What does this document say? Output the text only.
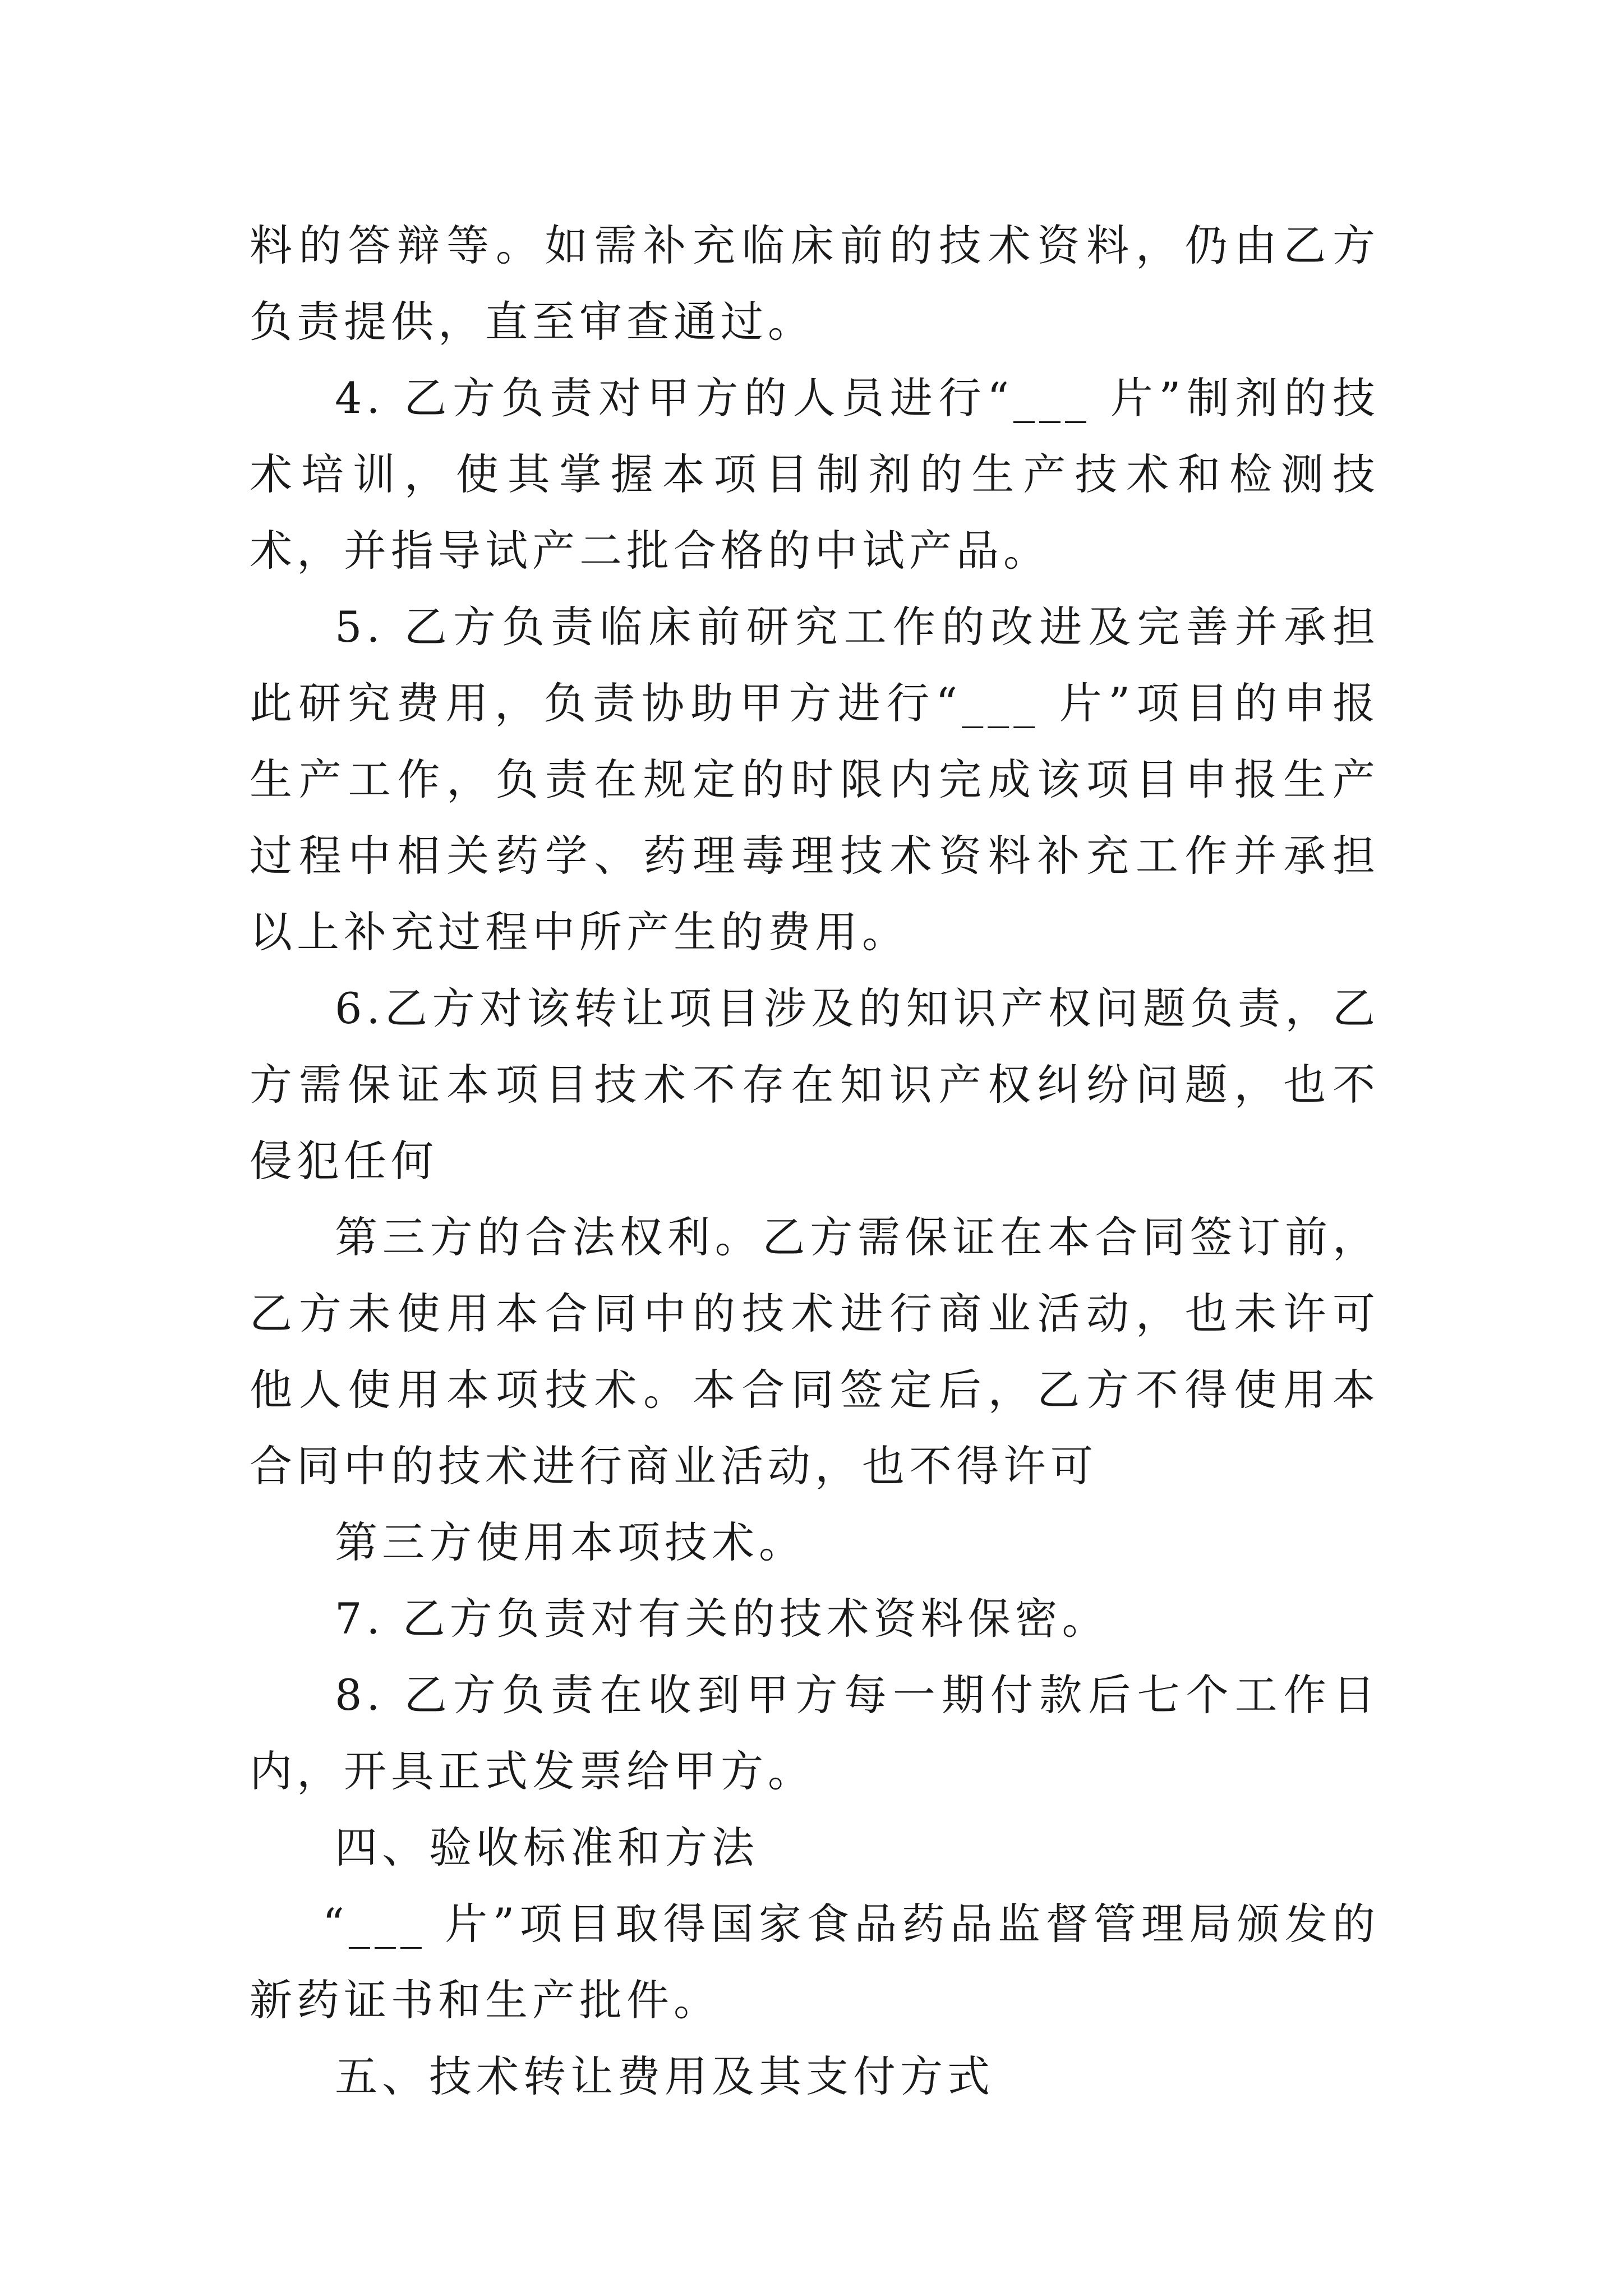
料的答辩等。如需补充临床前的技术资料，仍由乙方负责提供，直至审查通过。

4. 乙方负责对甲方的人员进行“___ 片”制剂的技术培训，使其掌握本项目制剂的生产技术和检测技术，并指导试产二批合格的中试产品。

5. 乙方负责临床前研究工作的改进及完善并承担此研究费用，负责协助甲方进行“___ 片”项目的申报生产工作，负责在规定的时限内完成该项目申报生产过程中相关药学、药理毒理技术资料补充工作并承担以上补充过程中所产生的费用。

6.乙方对该转让项目涉及的知识产权问题负责，乙方需保证本项目技术不存在知识产权纠纷问题，也不侵犯任何

第三方的合法权利。乙方需保证在本合同签订前，乙方未使用本合同中的技术进行商业活动，也未许可他人使用本项技术。本合同签定后，乙方不得使用本合同中的技术进行商业活动，也不得许可

第三方使用本项技术。

7. 乙方负责对有关的技术资料保密。

8. 乙方负责在收到甲方每一期付款后七个工作日内，开具正式发票给甲方。

四、验收标准和方法

“___ 片”项目取得国家食品药品监督管理局颁发的新药证书和生产批件。

五、技术转让费用及其支付方式
